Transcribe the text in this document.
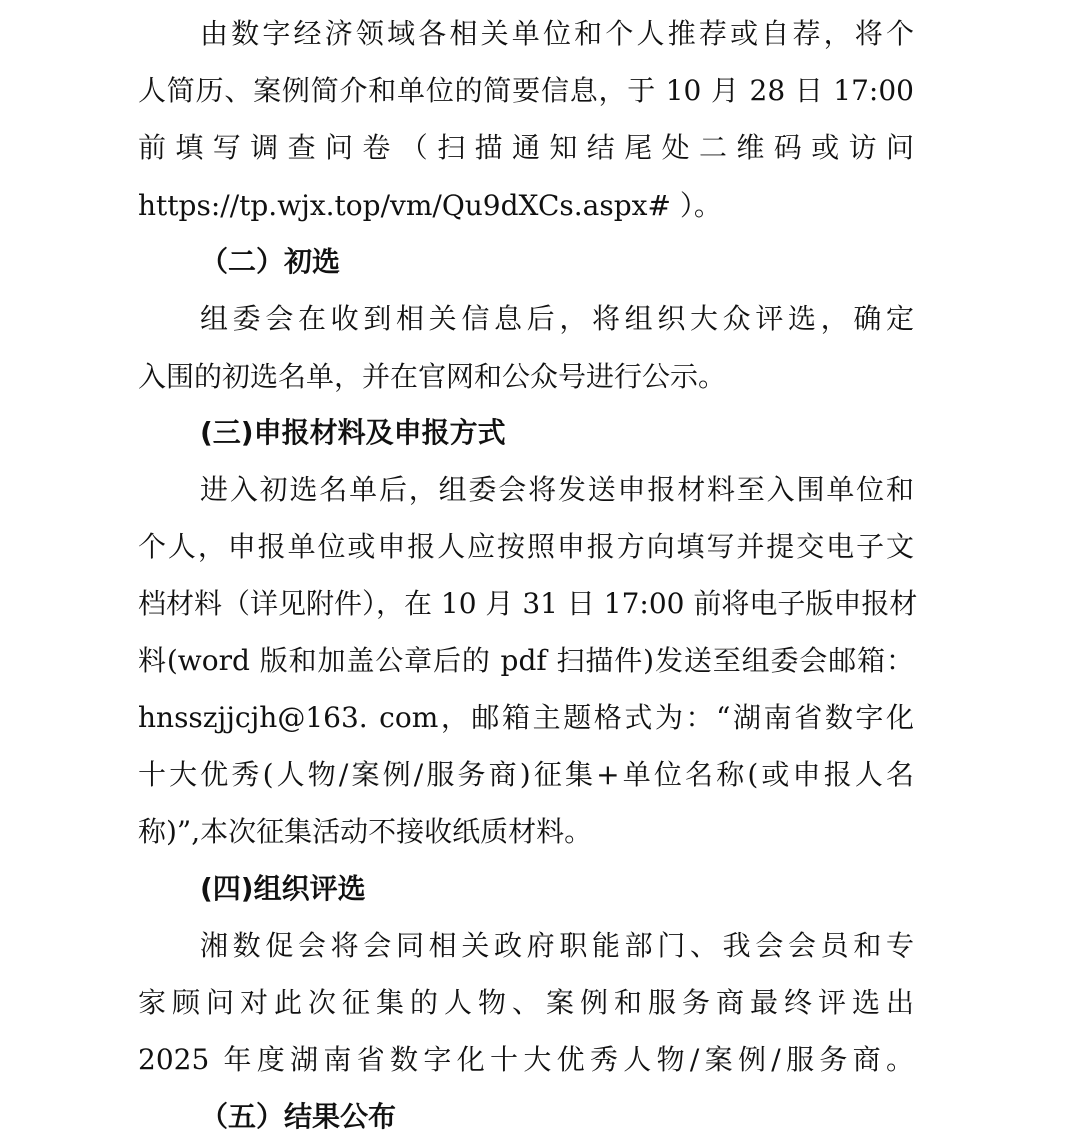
由数字经济领域各相关单位和个人推荐或自荐，将个
人简历、案例简介和单位的简要信息，于 10 月 28 日 17:00
前填写调查问卷（扫描通知结尾处二维码或访问
https://tp.wjx.top/vm/Qu9dXCs.aspx# ）。
（二）初选
组委会在收到相关信息后，将组织大众评选，确定
入围的初选名单，并在官网和公众号进行公示。
(三)申报材料及申报方式
进入初选名单后，组委会将发送申报材料至入围单位和
个人，申报单位或申报人应按照申报方向填写并提交电子文
档材料（详见附件），在 10 月 31 日 17:00 前将电子版申报材
料(word 版和加盖公章后的 pdf 扫描件)发送至组委会邮箱：
hnsszjjcjh@163. com，邮箱主题格式为：“湖南省数字化
十大优秀(人物/案例/服务商)征集+单位名称(或申报人名
称)”,本次征集活动不接收纸质材料。
(四)组织评选
湘数促会将会同相关政府职能部门、我会会员和专
家顾问对此次征集的人物、案例和服务商最终评选出
2025 年度湖南省数字化十大优秀人物/案例/服务商。
（五）结果公布
